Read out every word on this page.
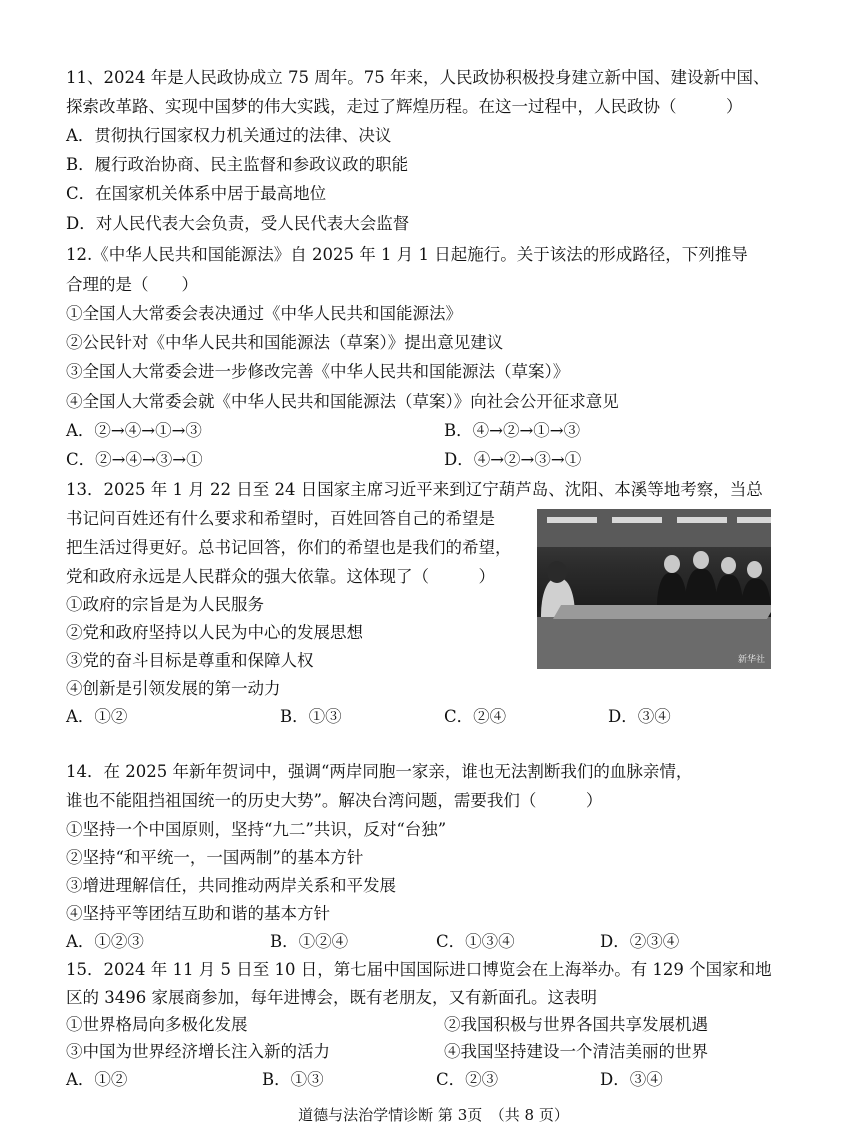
11、2024 年是人民政协成立 75 周年。75 年来，人民政协积极投身建立新中国、建设新中国、
探索改革路、实现中国梦的伟大实践，走过了辉煌历程。在这一过程中，人民政协（　　　）
A．贯彻执行国家权力机关通过的法律、决议
B．履行政治协商、民主监督和参政议政的职能
C．在国家机关体系中居于最高地位
D．对人民代表大会负责，受人民代表大会监督
12.《中华人民共和国能源法》自 2025 年 1 月 1 日起施行。关于该法的形成路径，下列推导
合理的是（　　）
①全国人大常委会表决通过《中华人民共和国能源法》
②公民针对《中华人民共和国能源法（草案）》提出意见建议
③全国人大常委会进一步修改完善《中华人民共和国能源法（草案）》
④全国人大常委会就《中华人民共和国能源法（草案）》向社会公开征求意见
A．②→④→①→③	B．④→②→①→③
C．②→④→③→①	D．④→②→③→①
13．2025 年 1 月 22 日至 24 日国家主席习近平来到辽宁葫芦岛、沈阳、本溪等地考察，当总
书记问百姓还有什么要求和希望时，百姓回答自己的希望是
把生活过得更好。总书记回答，你们的希望也是我们的希望，
党和政府永远是人民群众的强大依靠。这体现了（　　　）
①政府的宗旨是为人民服务
②党和政府坚持以人民为中心的发展思想
③党的奋斗目标是尊重和保障人权
④创新是引领发展的第一动力
A．①②	B．①③	C．②④	D．③④
新华社
14．在 2025 年新年贺词中，强调“两岸同胞一家亲，谁也无法割断我们的血脉亲情，
谁也不能阻挡祖国统一的历史大势”。解决台湾问题，需要我们（　　　）
①坚持一个中国原则，坚持“九二”共识，反对“台独”
②坚持“和平统一，一国两制”的基本方针
③增进理解信任，共同推动两岸关系和平发展
④坚持平等团结互助和谐的基本方针
A．①②③	B．①②④	C．①③④	D．②③④
15．2024 年 11 月 5 日至 10 日，第七届中国国际进口博览会在上海举办。有 129 个国家和地
区的 3496 家展商参加，每年进博会，既有老朋友，又有新面孔。这表明
①世界格局向多极化发展	②我国积极与世界各国共享发展机遇
③中国为世界经济增长注入新的活力	④我国坚持建设一个清洁美丽的世界
A．①②	B．①③	C．②③	D．③④
道德与法治学情诊断 第 3页　（共 8 页）
